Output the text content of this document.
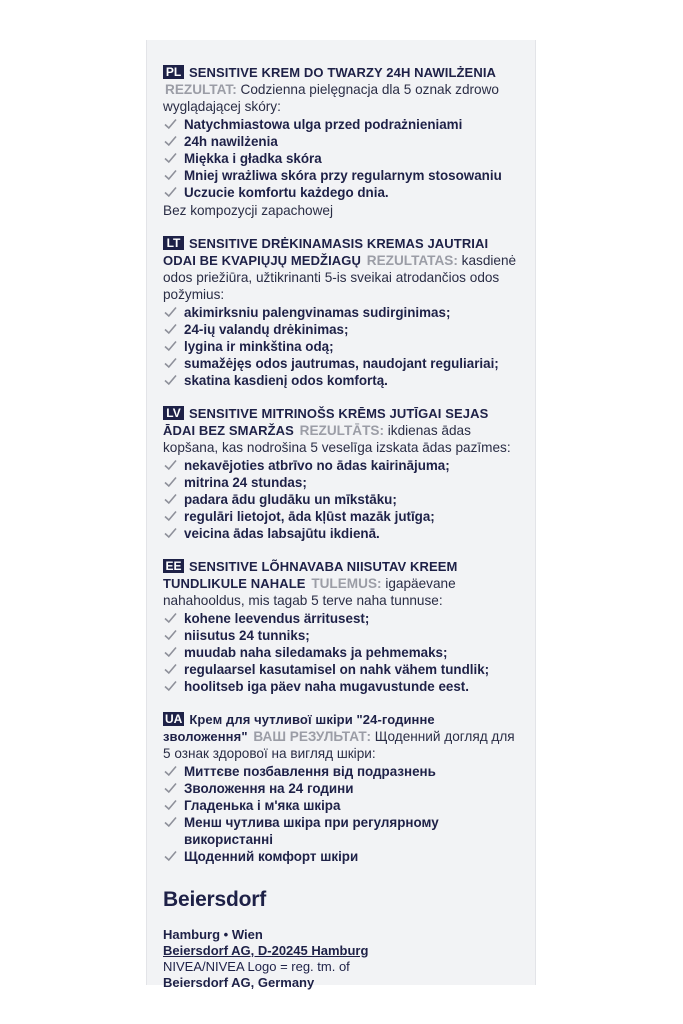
PL SENSITIVE KREM DO TWARZY 24H NAWILŻENIA REZULTAT: Codzienna pielęgnacja dla 5 oznak zdrowo wyglądającej skóry:
Natychmiastowa ulga przed podrażnieniami
24h nawilżenia
Miękka i gładka skóra
Mniej wrażliwa skóra przy regularnym stosowaniu
Uczucie komfortu każdego dnia.
Bez kompozycji zapachowej
LT SENSITIVE DRĖKINAMASIS KREMAS JAUTRIAI ODAI BE KVAPIŲJŲ MEDŽIAGŲ REZULTATAS: kasdienė odos priežiūra, užtikrinanti 5-is sveikai atrodančios odos požymius:
akimirksniu palengvinamas sudirginimas;
24-ių valandų drėkinimas;
lygina ir minkština odą;
sumažėjęs odos jautrumas, naudojant reguliariai;
skatina kasdienį odos komfortą.
LV SENSITIVE MITRINOŠS KRĒMS JUTĪGAI SEJAS ĀDAI BEZ SMARŽAS REZULTĀTS: ikdienas ādas kopšana, kas nodrošina 5 veselīga izskata ādas pazīmes:
nekavējoties atbrīvo no ādas kairinājuma;
mitrina 24 stundas;
padara ādu gludāku un mīkstāku;
regulāri lietojot, āda kļūst mazāk jutīga;
veicina ādas labsajūtu ikdienā.
EE SENSITIVE LÕHNAVABA NIISUTAV KREEM TUNDLIKULE NAHALE TULEMUS: igapäevane nahahooldus, mis tagab 5 terve naha tunnuse:
kohene leevendus ärritusest;
niisutus 24 tunniks;
muudab naha siledamaks ja pehmemaks;
regulaarsel kasutamisel on nahk vähem tundlik;
hoolitseb iga päev naha mugavustunde eest.
UA Крем для чутливої шкіри "24-годинне зволоження" ВАШ РЕЗУЛЬТАТ: Щоденний догляд для 5 ознак здорової на вигляд шкіри:
Миттєве позбавлення від подразнень
Зволоження на 24 години
Гладенька і м'яка шкіра
Менш чутлива шкіра при регулярному використанні
Щоденний комфорт шкіри
Beiersdorf
Hamburg • Wien
Beiersdorf AG, D-20245 Hamburg
NIVEA/NIVEA Logo = reg. tm. of
Beiersdorf AG, Germany
